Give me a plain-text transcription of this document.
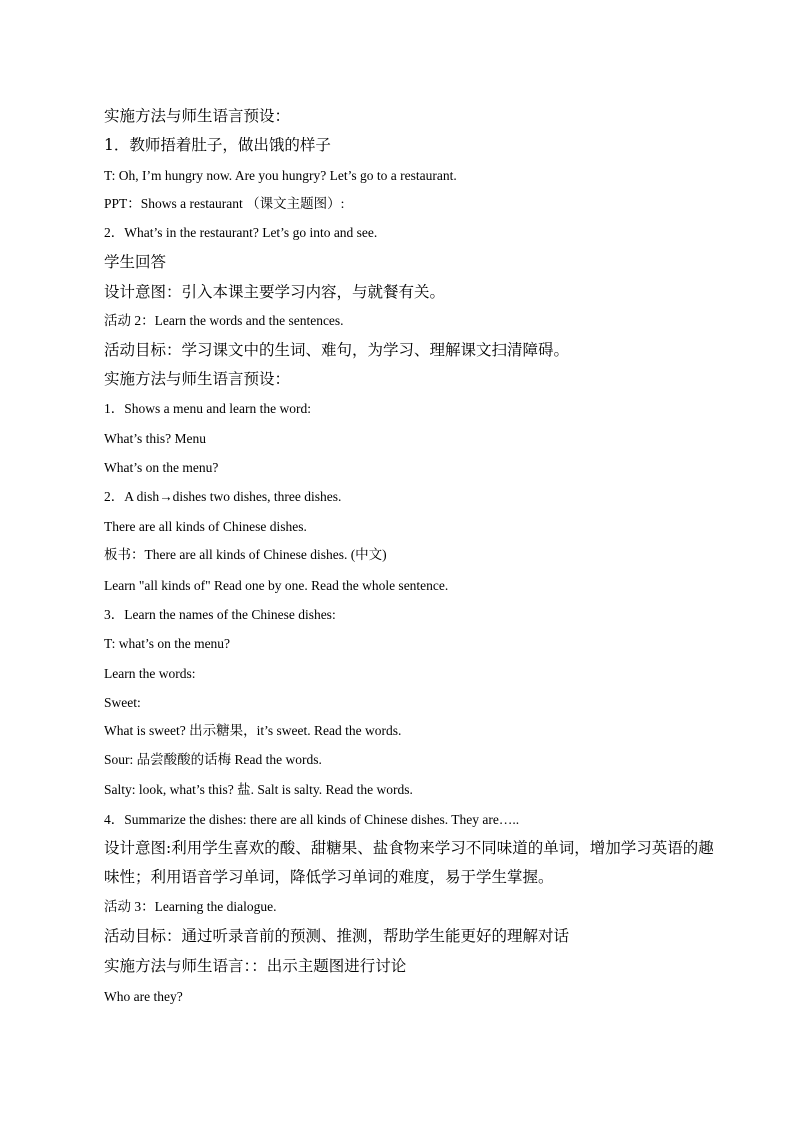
实施方法与师生语言预设：
1．教师捂着肚子，做出饿的样子
T: Oh, I’m hungry now. Are you hungry? Let’s go to a restaurant.
PPT：Shows a restaurant （课文主题图）:
2．What’s in the restaurant? Let’s go into and see.
学生回答
设计意图：引入本课主要学习内容，与就餐有关。
活动 2：Learn the words and the sentences.
活动目标：学习课文中的生词、难句，为学习、理解课文扫清障碍。
实施方法与师生语言预设：
1．Shows a menu and learn the word:
What’s this? Menu
What’s on the menu?
2．A dish→dishes two dishes, three dishes.
There are all kinds of Chinese dishes.
板书：There are all kinds of Chinese dishes. (中文)
Learn "all kinds of" Read one by one. Read the whole sentence.
3．Learn the names of the Chinese dishes:
T: what’s on the menu?
Learn the words:
Sweet:
What is sweet? 出示糖果，it’s sweet. Read the words.
Sour: 品尝酸酸的话梅 Read the words.
Salty: look, what’s this? 盐. Salt is salty. Read the words.
4．Summarize the dishes: there are all kinds of Chinese dishes. They are…..
设计意图:利用学生喜欢的酸、甜糖果、盐食物来学习不同味道的单词，增加学习英语的趣味性；利用语音学习单词，降低学习单词的难度，易于学生掌握。
活动 3：Learning the dialogue.
活动目标：通过听录音前的预测、推测，帮助学生能更好的理解对话
实施方法与师生语言：：出示主题图进行讨论
Who are they?
